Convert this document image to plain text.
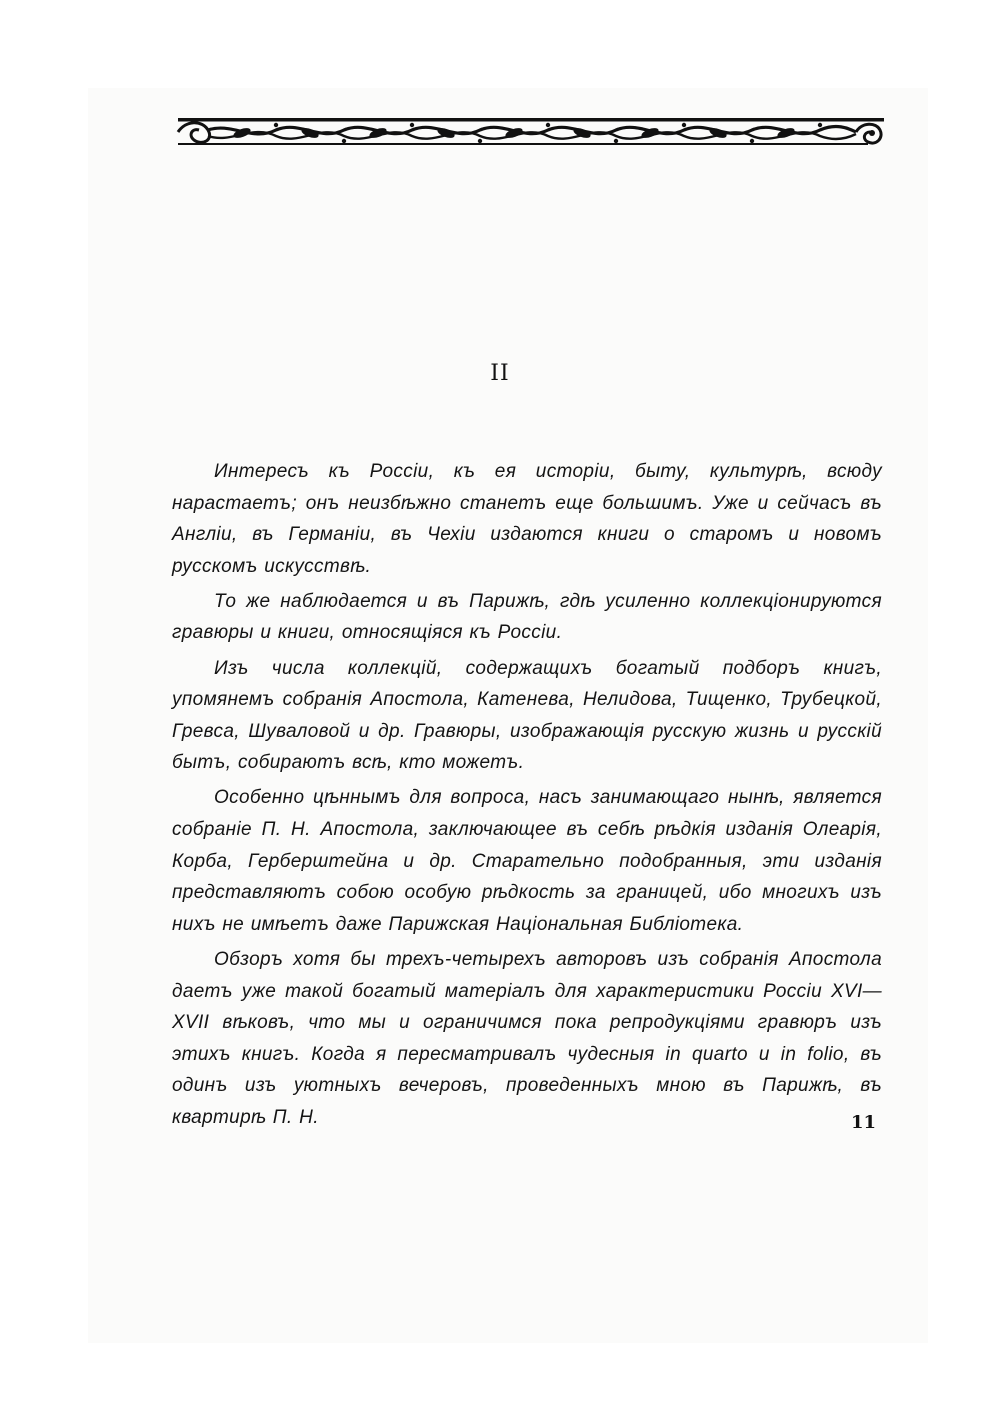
II

Интересъ къ Россіи, къ ея исторіи, быту, культурѣ, всюду нарастаетъ; онъ неизбѣжно станетъ еще большимъ. Уже и сейчасъ въ Англіи, въ Германіи, въ Чехіи издаются книги о старомъ и новомъ русскомъ искусствѣ.

То же наблюдается и въ Парижѣ, гдѣ усиленно коллекціонируются гравюры и книги, относящіяся къ Россіи.

Изъ числа коллекцій, содержащихъ богатый подборъ книгъ, упомянемъ собранія Апостола, Катенева, Нелидова, Тищенко, Трубецкой, Гревса, Шуваловой и др. Гравюры, изображающія русскую жизнь и русскій бытъ, собираютъ всѣ, кто можетъ.

Особенно цѣннымъ для вопроса, насъ занимающаго нынѣ, является собраніе П. Н. Апостола, заключающее въ себѣ рѣдкія изданія Олеарія, Корба, Герберштейна и др. Старательно подобранныя, эти изданія представляютъ собою особую рѣдкость за границей, ибо многихъ изъ нихъ не имѣетъ даже Парижская Національная Библіотека.

Обзоръ хотя бы трехъ-четырехъ авторовъ изъ собранія Апостола даетъ уже такой богатый матеріалъ для характеристики Россіи XVI—XVII вѣковъ, что мы и ограничимся пока репродукціями гравюръ изъ этихъ книгъ. Когда я пересматривалъ чудесныя in quarto и in folio, въ одинъ изъ уютныхъ вечеровъ, проведенныхъ мною въ Парижѣ, въ квартирѣ П. Н.	11
